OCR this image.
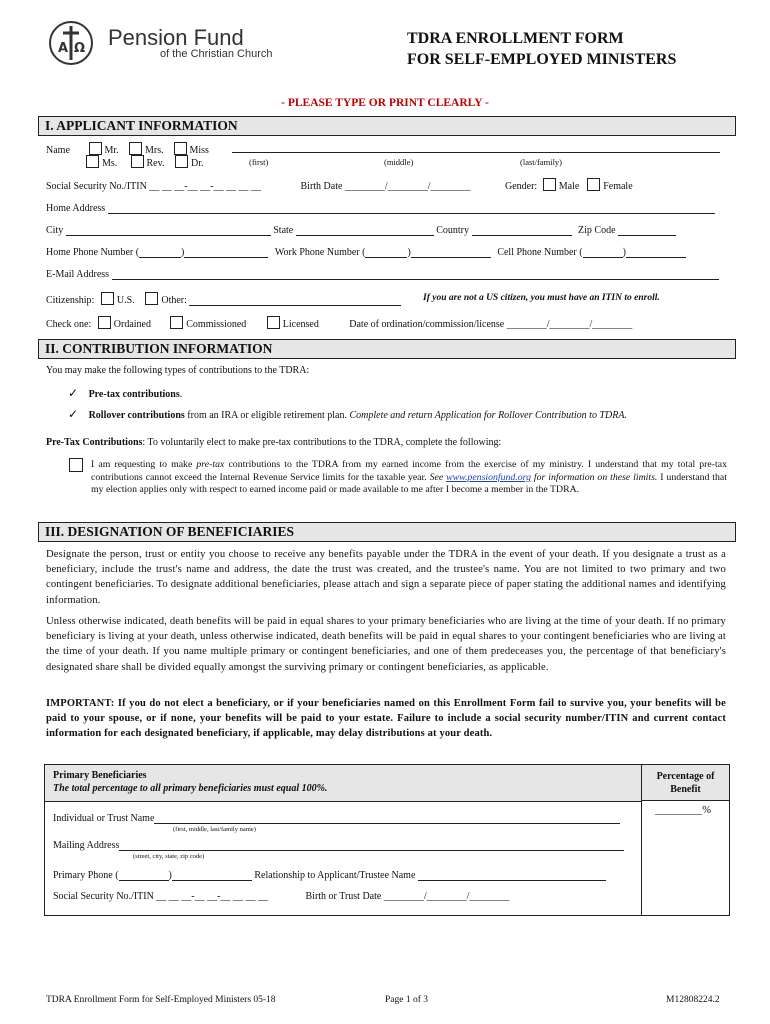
A Ω Pension Fund
of the Christian Church
TDRA ENROLLMENT FORM
FOR SELF-EMPLOYED MINISTERS
- PLEASE TYPE OR PRINT CLEARLY -
I. APPLICANT INFORMATION
Name	Mr.	Mrs.	Miss
Ms.	Rev.	Dr.	(first)	(middle)	(last/family)
Social Security No./ITIN __ __ __-__ __-__ __ __ __	Birth Date ________/________/________	Gender: Male Female
Home Address
City	State	Country	Zip Code
Home Phone Number (	)	Work Phone Number (	)	Cell Phone Number (	)
E-Mail Address
Citizenship: U.S.	Other:	If you are not a US citizen, you must have an ITIN to enroll.
Check one: Ordained	Commissioned	Licensed	Date of ordination/commission/license ________/________/________
II. CONTRIBUTION INFORMATION
You may make the following types of contributions to the TDRA:
✓ Pre-tax contributions.
✓ Rollover contributions from an IRA or eligible retirement plan. Complete and return Application for Rollover Contribution to TDRA.
Pre-Tax Contributions: To voluntarily elect to make pre-tax contributions to the TDRA, complete the following:
I am requesting to make pre-tax contributions to the TDRA from my earned income from the exercise of my ministry. I understand that my total pre-tax contributions cannot exceed the Internal Revenue Service limits for the taxable year. See www.pensionfund.org for information on these limits. I understand that my election applies only with respect to earned income paid or made available to me after I become a member in the TDRA.
III. DESIGNATION OF BENEFICIARIES
Designate the person, trust or entity you choose to receive any benefits payable under the TDRA in the event of your death. If you designate a trust as a beneficiary, include the trust's name and address, the date the trust was created, and the trustee's name. You are not limited to two primary and two contingent beneficiaries. To designate additional beneficiaries, please attach and sign a separate piece of paper stating the additional names and identifying information.
Unless otherwise indicated, death benefits will be paid in equal shares to your primary beneficiaries who are living at the time of your death. If no primary beneficiary is living at your death, unless otherwise indicated, death benefits will be paid in equal shares to your contingent beneficiaries who are living at the time of your death. If you name multiple primary or contingent beneficiaries, and one of them predeceases you, the percentage of that beneficiary's designated share shall be divided equally amongst the surviving primary or contingent beneficiaries, as applicable.
IMPORTANT: If you do not elect a beneficiary, or if your beneficiaries named on this Enrollment Form fail to survive you, your benefits will be paid to your spouse, or if none, your benefits will be paid to your estate. Failure to include a social security number/ITIN and current contact information for each designated beneficiary, if applicable, may delay distributions at your death.
Primary Beneficiaries
The total percentage to all primary beneficiaries must equal 100%.
Percentage of
Benefit
_________%
Individual or Trust Name
(first, middle, last/family name)
Mailing Address
(street, city, state, zip code)
Primary Phone (	)	Relationship to Applicant/Trustee Name
Social Security No./ITIN __ __ __-__ __-__ __ __ __	Birth or Trust Date ________/________/________
TDRA Enrollment Form for Self-Employed Ministers 05-18	Page 1 of 3	M12808224.2
